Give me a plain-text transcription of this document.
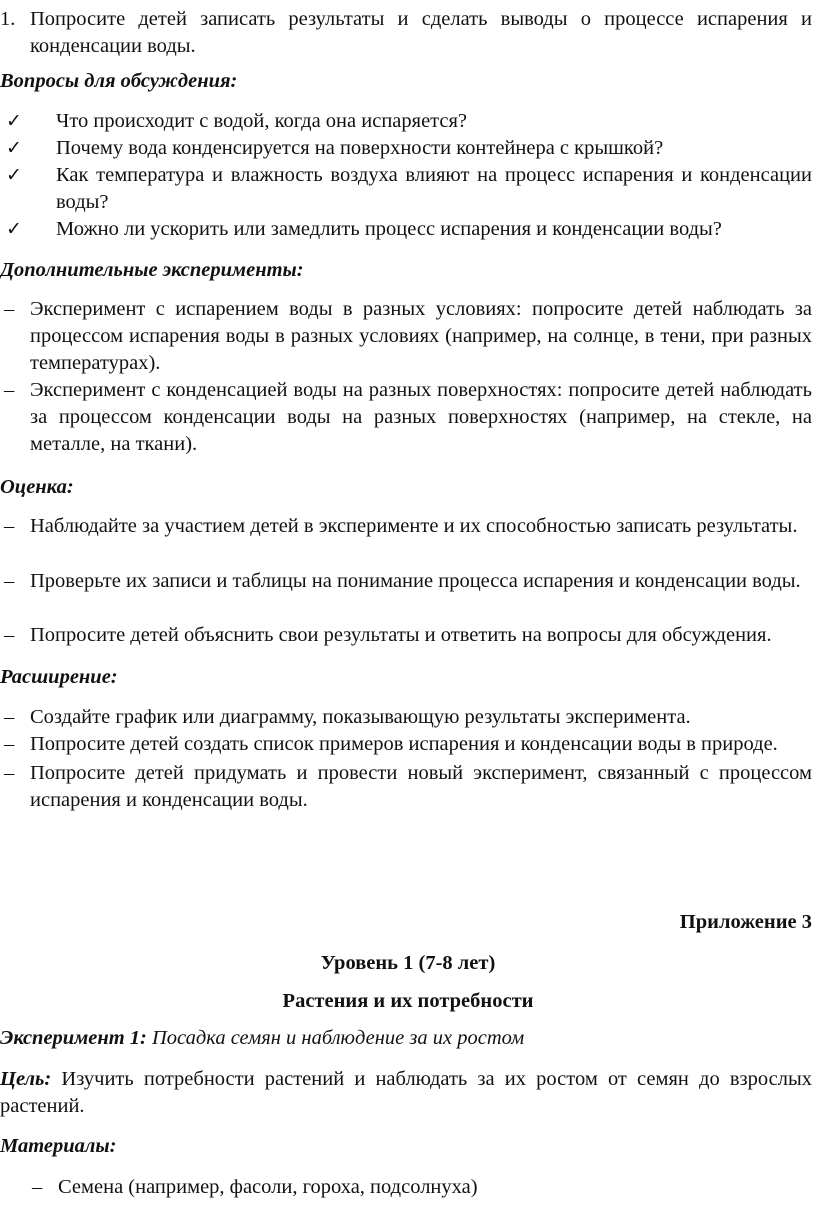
1. Попросите детей записать результаты и сделать выводы о процессе испарения и конденсации воды.
Вопросы для обсуждения:
✓ Что происходит с водой, когда она испаряется?
✓ Почему вода конденсируется на поверхности контейнера с крышкой?
✓ Как температура и влажность воздуха влияют на процесс испарения и конденсации воды?
✓ Можно ли ускорить или замедлить процесс испарения и конденсации воды?
Дополнительные эксперименты:
– Эксперимент с испарением воды в разных условиях: попросите детей наблюдать за процессом испарения воды в разных условиях (например, на солнце, в тени, при разных температурах).
– Эксперимент с конденсацией воды на разных поверхностях: попросите детей наблюдать за процессом конденсации воды на разных поверхностях (например, на стекле, на металле, на ткани).
Оценка:
– Наблюдайте за участием детей в эксперименте и их способностью записать результаты.
– Проверьте их записи и таблицы на понимание процесса испарения и конденсации воды.
– Попросите детей объяснить свои результаты и ответить на вопросы для обсуждения.
Расширение:
– Создайте график или диаграмму, показывающую результаты эксперимента.
– Попросите детей создать список примеров испарения и конденсации воды в природе.
– Попросите детей придумать и провести новый эксперимент, связанный с процессом испарения и конденсации воды.
Приложение 3
Уровень 1 (7-8 лет)
Растения и их потребности
Эксперимент 1: Посадка семян и наблюдение за их ростом
Цель: Изучить потребности растений и наблюдать за их ростом от семян до взрослых растений.
Материалы:
– Семена (например, фасоли, гороха, подсолнуха)
